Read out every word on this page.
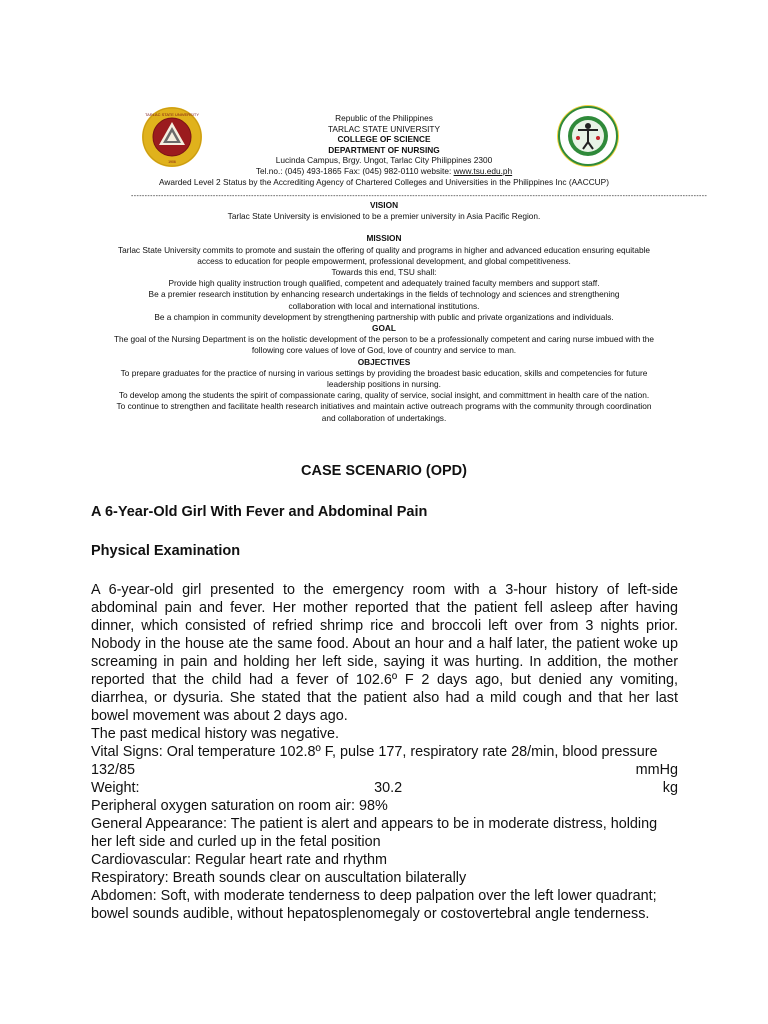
TARLAC STATE UNIVERSITY
1906
Republic of the Philippines
TARLAC STATE UNIVERSITY
COLLEGE OF SCIENCE
DEPARTMENT OF NURSING
Lucinda Campus, Brgy. Ungot, Tarlac City Philippines 2300
Tel.no.: (045) 493-1865 Fax: (045) 982-0110 website: www.tsu.edu.ph
Awarded Level 2 Status by the Accrediting Agency of Chartered Colleges and Universities in the Philippines Inc (AACCUP)
-------------------------------------------------------------------------------------------------------------------------------------------------------------------------------------------------------------------
VISION
Tarlac State University is envisioned to be a premier university in Asia Pacific Region.
MISSION
Tarlac State University commits to promote and sustain the offering of quality and programs in higher and advanced education ensuring equitable
access to education for people empowerment, professional development, and global competitiveness.
Towards this end, TSU shall:
Provide high quality instruction trough qualified, competent and adequately trained faculty members and support staff.
Be a premier research institution by enhancing research undertakings in the fields of technology and sciences and strengthening
collaboration with local and international institutions.
Be a champion in community development by strengthening partnership with public and private organizations and individuals.
GOAL
The goal of the Nursing Department is on the holistic development of the person to be a professionally competent and caring nurse imbued with the
following core values of love of God, love of country and service to man.
OBJECTIVES
To prepare graduates for the practice of nursing in various settings by providing the broadest basic education, skills and competencies for future
leadership positions in nursing.
To develop among the students the spirit of compassionate caring, quality of service, social insight, and committment in health care of the nation.
To continue to strengthen and facilitate health research initiatives and maintain active outreach programs with the community through coordination
and collaboration of undertakings.
CASE SCENARIO (OPD)
A 6-Year-Old Girl With Fever and Abdominal Pain
Physical Examination
A 6-year-old girl presented to the emergency room with a 3-hour history of left-side abdominal pain and fever. Her mother reported that the patient fell asleep after having dinner, which consisted of refried shrimp rice and broccoli left over from 3 nights prior. Nobody in the house ate the same food. About an hour and a half later, the patient woke up screaming in pain and holding her left side, saying it was hurting. In addition, the mother reported that the child had a fever of 102.6º F 2 days ago, but denied any vomiting, diarrhea, or dysuria. She stated that the patient also had a mild cough and that her last bowel movement was about 2 days ago.
The past medical history was negative.
Vital Signs: Oral temperature 102.8º F, pulse 177, respiratory rate 28/min, blood pressure
132/85	mmHg
Weight:	30.2	kg
Peripheral oxygen saturation on room air: 98%
General Appearance: The patient is alert and appears to be in moderate distress, holding her left side and curled up in the fetal position
Cardiovascular: Regular heart rate and rhythm
Respiratory: Breath sounds clear on auscultation bilaterally
Abdomen: Soft, with moderate tenderness to deep palpation over the left lower quadrant; bowel sounds audible, without hepatosplenomegaly or costovertebral angle tenderness.
